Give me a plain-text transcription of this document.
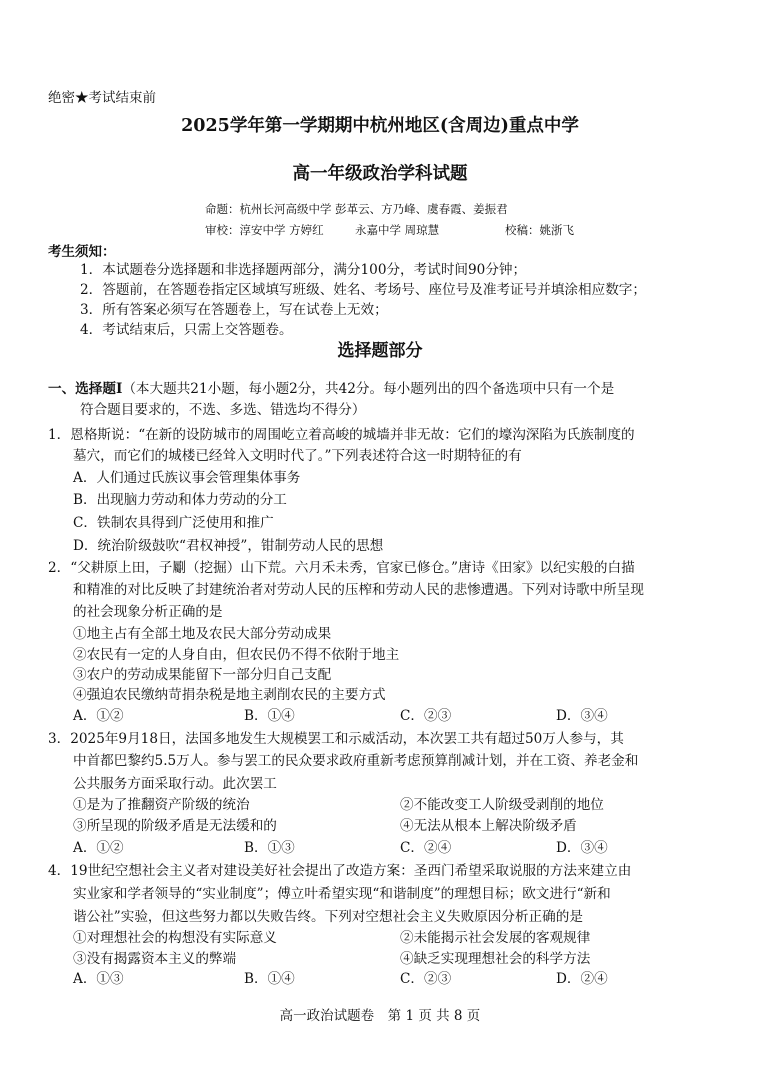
绝密★考试结束前
2025学年第一学期期中杭州地区(含周边)重点中学
高一年级政治学科试题
命题：杭州长河高级中学 彭革云、方乃峰、虞春霞、姜振君
审校：淳安中学 方婷红	永嘉中学 周琼慧	校稿：姚浙飞
考生须知：
1．本试题卷分选择题和非选择题两部分，满分100分，考试时间90分钟；
2．答题前，在答题卷指定区域填写班级、姓名、考场号、座位号及准考证号并填涂相应数字；
3．所有答案必须写在答题卷上，写在试卷上无效；
4．考试结束后，只需上交答题卷。
选择题部分
一、选择题Ⅰ（本大题共21小题，每小题2分，共42分。每小题列出的四个备选项中只有一个是
符合题目要求的，不选、多选、错选均不得分）
1．恩格斯说：“在新的设防城市的周围屹立着高峻的城墙并非无故：它们的壕沟深陷为氏族制度的
墓穴，而它们的城楼已经耸入文明时代了。”下列表述符合这一时期特征的有
A．人们通过氏族议事会管理集体事务
B．出现脑力劳动和体力劳动的分工
C．铁制农具得到广泛使用和推广
D．统治阶级鼓吹“君权神授”，钳制劳动人民的思想
2．“父耕原上田，子劚（挖掘）山下荒。六月禾未秀，官家已修仓。”唐诗《田家》以纪实般的白描
和精准的对比反映了封建统治者对劳动人民的压榨和劳动人民的悲惨遭遇。下列对诗歌中所呈现
的社会现象分析正确的是
①地主占有全部土地及农民大部分劳动成果
②农民有一定的人身自由，但农民仍不得不依附于地主
③农户的劳动成果能留下一部分归自己支配
④强迫农民缴纳苛捐杂税是地主剥削农民的主要方式
A．①②	B．①④	C．②③	D．③④
3．2025年9月18日，法国多地发生大规模罢工和示威活动，本次罢工共有超过50万人参与，其
中首都巴黎约5.5万人。参与罢工的民众要求政府重新考虑预算削减计划，并在工资、养老金和
公共服务方面采取行动。此次罢工
①是为了推翻资产阶级的统治	②不能改变工人阶级受剥削的地位
③所呈现的阶级矛盾是无法缓和的	④无法从根本上解决阶级矛盾
A．①②	B．①③	C．②④	D．③④
4．19世纪空想社会主义者对建设美好社会提出了改造方案：圣西门希望采取说服的方法来建立由
实业家和学者领导的“实业制度”；傅立叶希望实现“和谐制度”的理想目标；欧文进行“新和
谐公社”实验，但这些努力都以失败告终。下列对空想社会主义失败原因分析正确的是
①对理想社会的构想没有实际意义	②未能揭示社会发展的客观规律
③没有揭露资本主义的弊端	④缺乏实现理想社会的科学方法
A．①③	B．①④	C．②③	D．②④
高一政治试题卷　第 1 页 共 8 页
